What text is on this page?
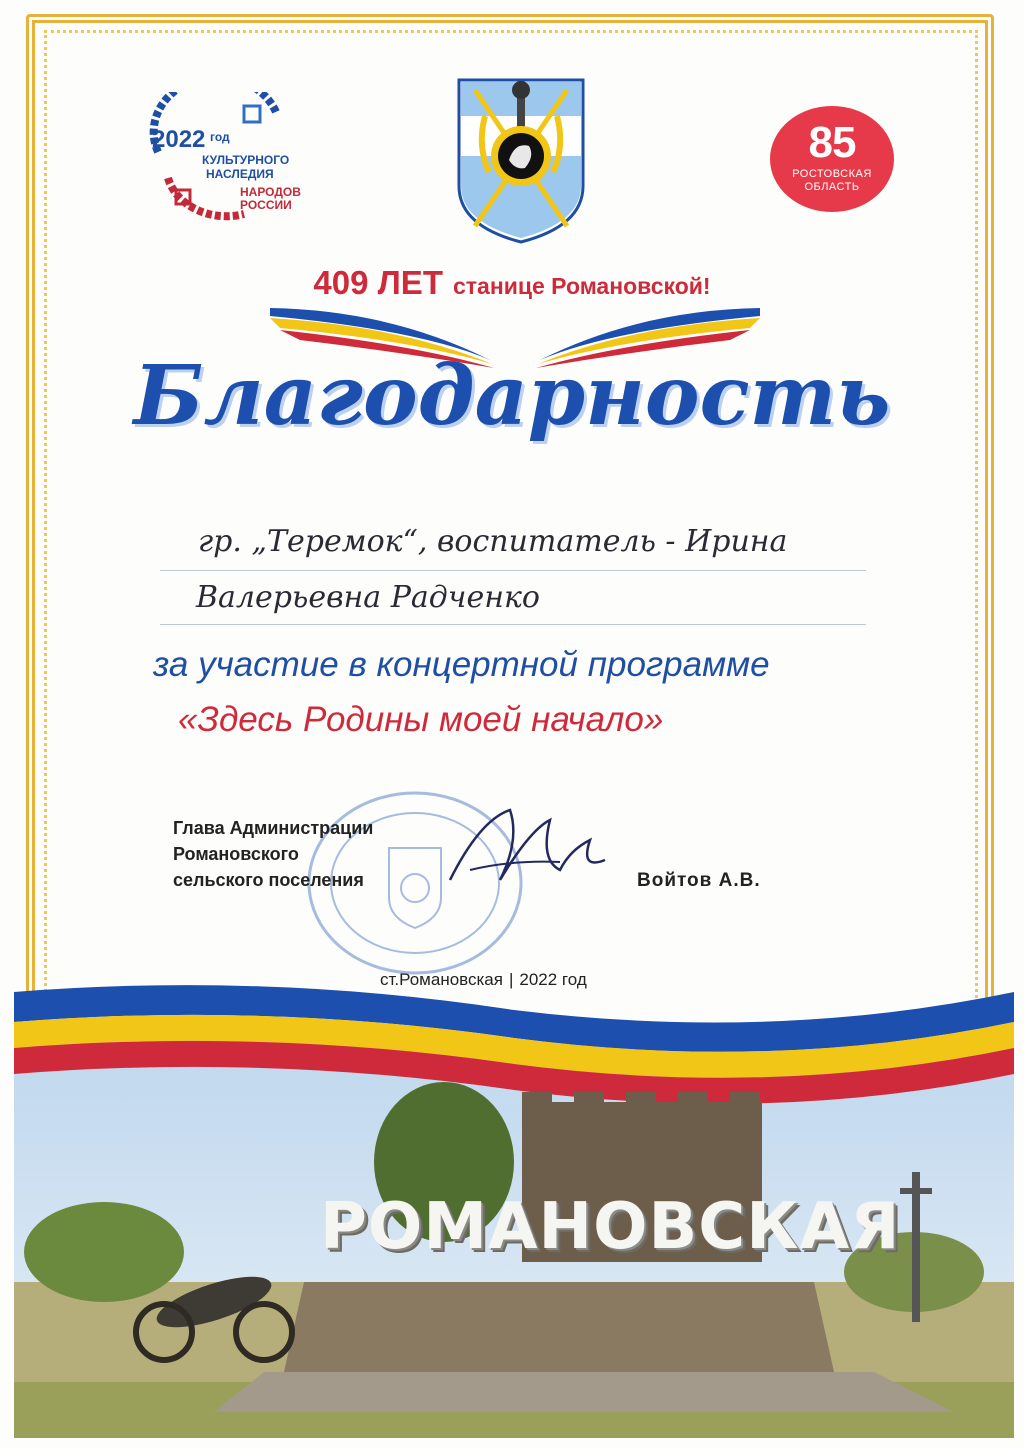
2022 год
КУЛЬТУРНОГО
НАСЛЕДИЯ
НАРОДОВ
РОССИИ
85
РОСТОВСКАЯ
ОБЛАСТЬ
409 ЛЕТ станице Романовской!
Благодарность
гр. „Теремок“, воспитатель - Ирина
Валерьевна Радченко
за участие в концертной программе
«Здесь Родины моей начало»
Глава Администрации
Романовского
сельского поселения	Войтов А.В.
ст.Романовская | 2022 год
РОМАНОВСКАЯ
